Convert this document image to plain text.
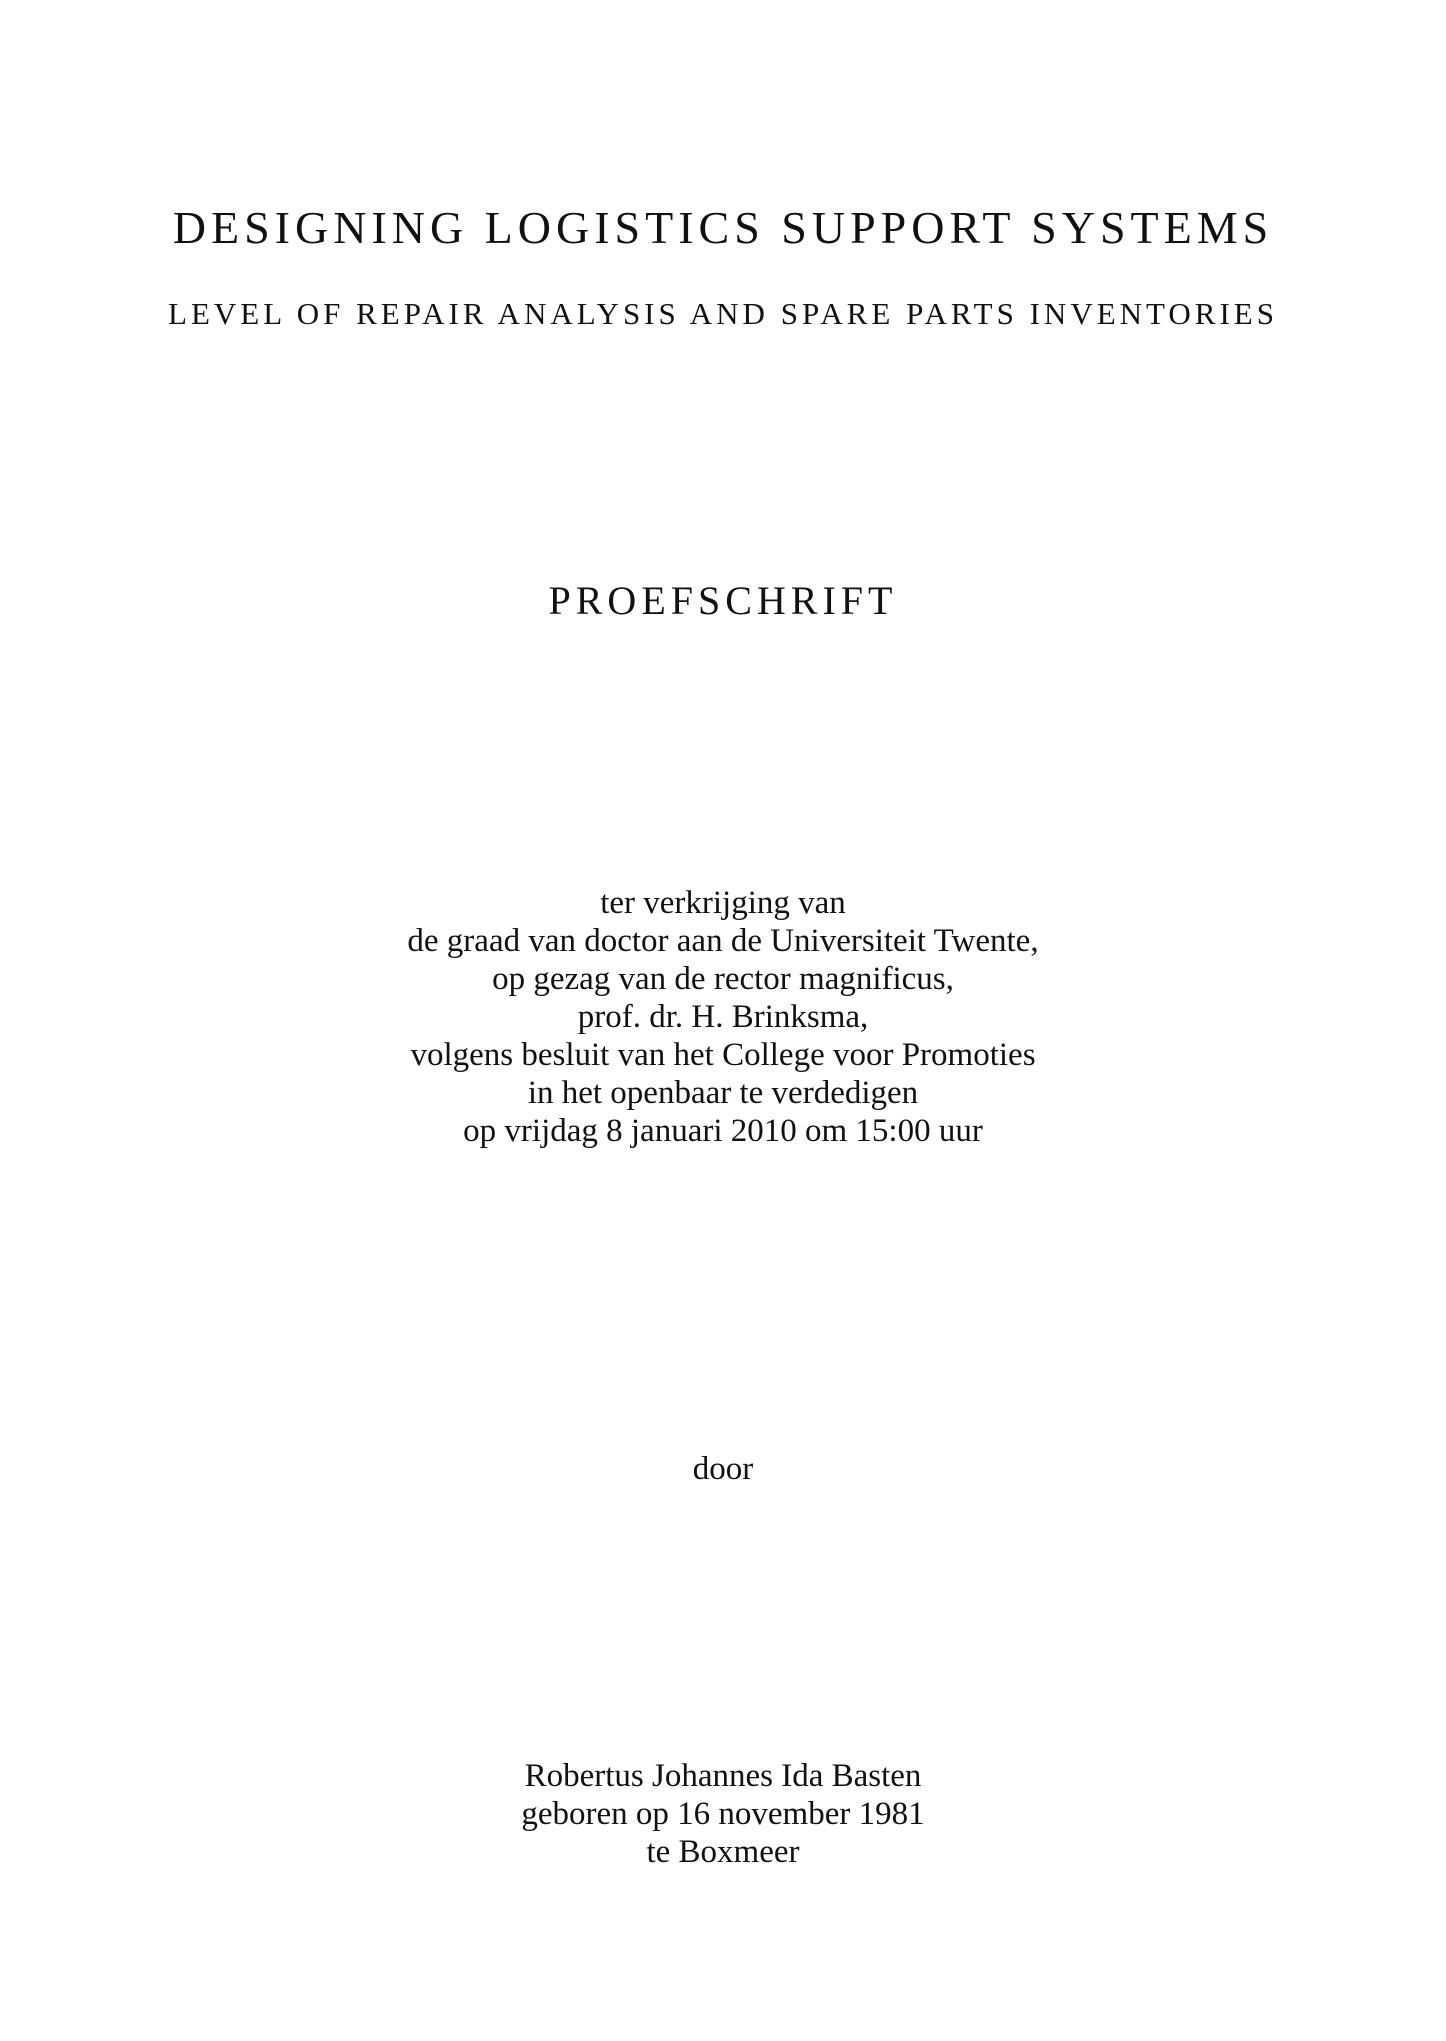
DESIGNING LOGISTICS SUPPORT SYSTEMS
LEVEL OF REPAIR ANALYSIS AND SPARE PARTS INVENTORIES
PROEFSCHRIFT
ter verkrijging van
de graad van doctor aan de Universiteit Twente,
op gezag van de rector magnificus,
prof. dr. H. Brinksma,
volgens besluit van het College voor Promoties
in het openbaar te verdedigen
op vrijdag 8 januari 2010 om 15:00 uur
door
Robertus Johannes Ida Basten
geboren op 16 november 1981
te Boxmeer
